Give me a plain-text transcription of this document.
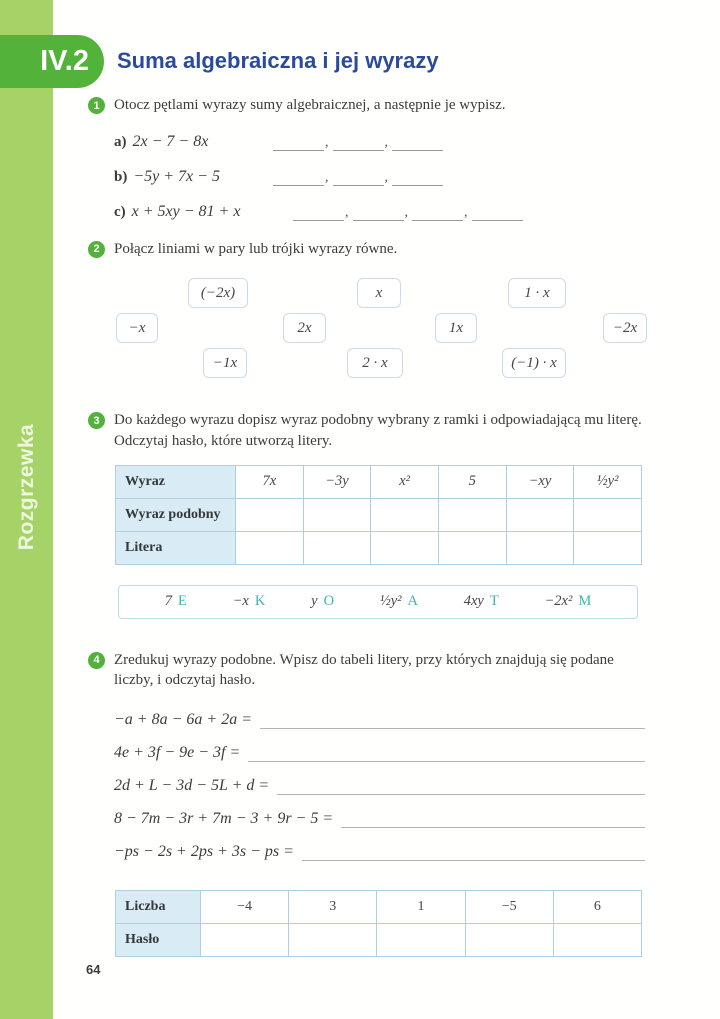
Rozgrzewka
IV.2 Suma algebraiczna i jej wyrazy
1 Otocz pętlami wyrazy sumy algebraicznej, a następnie je wypisz.

a) 2x − 7 − 8x	,	,
b) −5y + 7x − 5	,	,
c) x + 5xy − 81 + x	,	,	,
2 Połącz liniami w pary lub trójki wyrazy równe.

(−2x)	x	1 · x
−x	2x	1x	−2x
−1x	2 · x	(−1) · x
3 Do każdego wyrazu dopisz wyraz podobny wybrany z ramki i odpowiadającą mu literę. Odczytaj hasło, które utworzą litery.

Wyraz	7x	−3y	x²	5	−xy	½y²
Wyraz podobny						
Litera						
7 E	−x K	y O	½y² A	4xy T	−2x² M
4 Zredukuj wyrazy podobne. Wpisz do tabeli litery, przy których znajdują się podane liczby, i odczytaj hasło.

−a + 8a − 6a + 2a =
4e + 3f − 9e − 3f =
2d + L − 3d − 5L + d =
8 − 7m − 3r + 7m − 3 + 9r − 5 =
−ps − 2s + 2ps + 3s − ps =
Liczba	−4	3	1	−5	6
Hasło					
64
